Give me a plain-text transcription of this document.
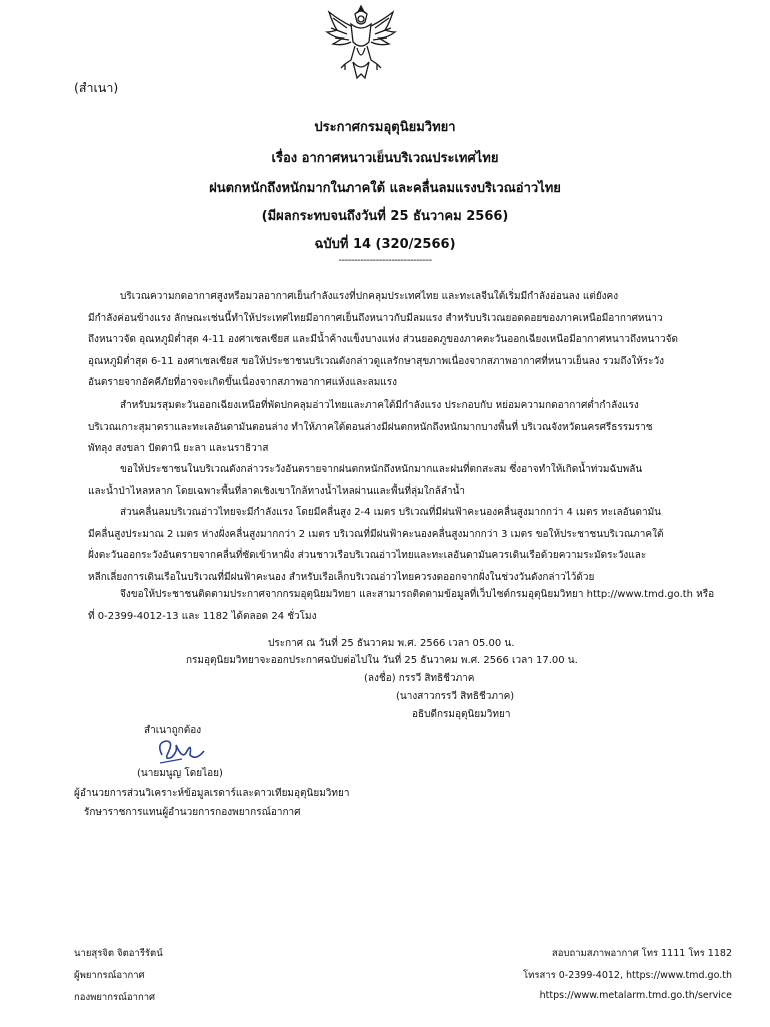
(สำเนา)
ประกาศกรมอุตุนิยมวิทยา
เรื่อง อากาศหนาวเย็นบริเวณประเทศไทย
ฝนตกหนักถึงหนักมากในภาคใต้ และคลื่นลมแรงบริเวณอ่าวไทย
(มีผลกระทบจนถึงวันที่ 25 ธันวาคม 2566)
ฉบับที่ 14 (320/2566)
------------------------------
บริเวณความกดอากาศสูงหรือมวลอากาศเย็นกำลังแรงที่ปกคลุมประเทศไทย และทะเลจีนใต้เริ่มมีกำลังอ่อนลง แต่ยังคง
มีกำลังค่อนข้างแรง ลักษณะเช่นนี้ทำให้ประเทศไทยมีอากาศเย็นถึงหนาวกับมีลมแรง สำหรับบริเวณยอดดอยของภาคเหนือมีอากาศหนาว
ถึงหนาวจัด อุณหภูมิต่ำสุด 4-11 องศาเซลเซียส และมีน้ำค้างแข็งบางแห่ง ส่วนยอดภูของภาคตะวันออกเฉียงเหนือมีอากาศหนาวถึงหนาวจัด
อุณหภูมิต่ำสุด 6-11 องศาเซลเซียส ขอให้ประชาชนบริเวณดังกล่าวดูแลรักษาสุขภาพเนื่องจากสภาพอากาศที่หนาวเย็นลง รวมถึงให้ระวัง
อันตรายจากอัคคีภัยที่อาจจะเกิดขึ้นเนื่องจากสภาพอากาศแห้งและลมแรง
สำหรับมรสุมตะวันออกเฉียงเหนือที่พัดปกคลุมอ่าวไทยและภาคใต้มีกำลังแรง ประกอบกับ หย่อมความกดอากาศต่ำกำลังแรง
บริเวณเกาะสุมาตราและทะเลอันดามันตอนล่าง ทำให้ภาคใต้ตอนล่างมีฝนตกหนักถึงหนักมากบางพื้นที่ บริเวณจังหวัดนครศรีธรรมราช
พัทลุง สงขลา ปัตตานี ยะลา และนราธิวาส
ขอให้ประชาชนในบริเวณดังกล่าวระวังอันตรายจากฝนตกหนักถึงหนักมากและฝนที่ตกสะสม ซึ่งอาจทำให้เกิดน้ำท่วมฉับพลัน
และน้ำป่าไหลหลาก โดยเฉพาะพื้นที่ลาดเชิงเขาใกล้ทางน้ำไหลผ่านและพื้นที่ลุ่มใกล้ลำน้ำ
ส่วนคลื่นลมบริเวณอ่าวไทยจะมีกำลังแรง โดยมีคลื่นสูง 2-4 เมตร บริเวณที่มีฝนฟ้าคะนองคลื่นสูงมากกว่า 4 เมตร ทะเลอันดามัน
มีคลื่นสูงประมาณ 2 เมตร ห่างฝั่งคลื่นสูงมากกว่า 2 เมตร บริเวณที่มีฝนฟ้าคะนองคลื่นสูงมากกว่า 3 เมตร ขอให้ประชาชนบริเวณภาคใต้
ฝั่งตะวันออกระวังอันตรายจากคลื่นที่ซัดเข้าหาฝั่ง ส่วนชาวเรือบริเวณอ่าวไทยและทะเลอันดามันควรเดินเรือด้วยความระมัดระวังและ
หลีกเลี่ยงการเดินเรือในบริเวณที่มีฝนฟ้าคะนอง สำหรับเรือเล็กบริเวณอ่าวไทยควรงดออกจากฝั่งในช่วงวันดังกล่าวไว้ด้วย
จึงขอให้ประชาชนติดตามประกาศจากกรมอุตุนิยมวิทยา และสามารถติดตามข้อมูลที่เว็บไซต์กรมอุตุนิยมวิทยา http://www.tmd.go.th หรือ
ที่ 0-2399-4012-13 และ 1182 ได้ตลอด 24 ชั่วโมง
ประกาศ ณ วันที่ 25 ธันวาคม พ.ศ. 2566 เวลา 05.00 น.
กรมอุตุนิยมวิทยาจะออกประกาศฉบับต่อไปใน วันที่ 25 ธันวาคม พ.ศ. 2566 เวลา 17.00 น.
(ลงชื่อ) กรรวี สิทธิชีวภาค
(นางสาวกรรวี สิทธิชีวภาค)
อธิบดีกรมอุตุนิยมวิทยา
สำเนาถูกต้อง
(นายมนูญ โดยไอย)
ผู้อำนวยการส่วนวิเคราะห์ข้อมูลเรดาร์และดาวเทียมอุตุนิยมวิทยา
รักษาราชการแทนผู้อำนวยการกองพยากรณ์อากาศ
นายสุรจิต จิตอารีรัตน์
ผู้พยากรณ์อากาศ
กองพยากรณ์อากาศ
สอบถามสภาพอากาศ โทร 1111 โทร 1182
โทรสาร 0-2399-4012, https://www.tmd.go.th
https://www.metalarm.tmd.go.th/service
